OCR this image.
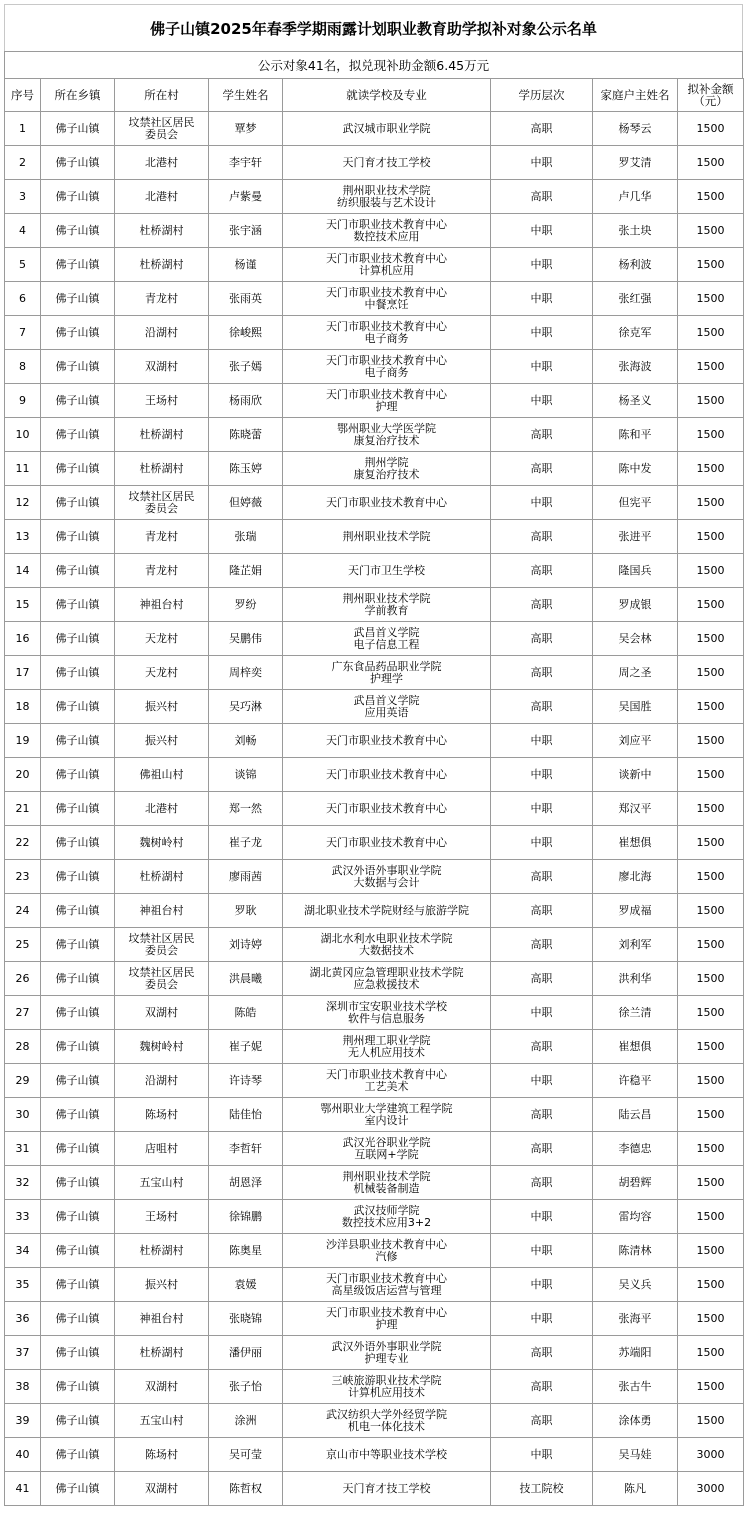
佛子山镇2025年春季学期雨露计划职业教育助学拟补对象公示名单
公示对象41名，拟兑现补助金额6.45万元
序号	所在乡镇	所在村	学生姓名	就读学校及专业	学历层次	家庭户主姓名	拟补金额
（元）
1	佛子山镇	坟禁社区居民
委员会	覃梦	武汉城市职业学院	高职	杨琴云	1500
2	佛子山镇	北港村	李宇轩	天门育才技工学校	中职	罗艾清	1500
3	佛子山镇	北港村	卢紫曼	荆州职业技术学院
纺织服装与艺术设计	高职	卢几华	1500
4	佛子山镇	杜桥湖村	张宇涵	天门市职业技术教育中心
数控技术应用	中职	张土块	1500
5	佛子山镇	杜桥湖村	杨谨	天门市职业技术教育中心
计算机应用	中职	杨利波	1500
6	佛子山镇	青龙村	张雨英	天门市职业技术教育中心
中餐烹饪	中职	张红强	1500
7	佛子山镇	沿湖村	徐峻熙	天门市职业技术教育中心
电子商务	中职	徐克军	1500
8	佛子山镇	双湖村	张子嫣	天门市职业技术教育中心
电子商务	中职	张海波	1500
9	佛子山镇	王场村	杨雨欣	天门市职业技术教育中心
护理	中职	杨圣义	1500
10	佛子山镇	杜桥湖村	陈晓蕾	鄂州职业大学医学院
康复治疗技术	高职	陈和平	1500
11	佛子山镇	杜桥湖村	陈玉婷	荆州学院
康复治疗技术	高职	陈中发	1500
12	佛子山镇	坟禁社区居民
委员会	但婷薇	天门市职业技术教育中心	中职	但宪平	1500
13	佛子山镇	青龙村	张瑞	荆州职业技术学院	高职	张进平	1500
14	佛子山镇	青龙村	隆芷娟	天门市卫生学校	高职	隆国兵	1500
15	佛子山镇	神祖台村	罗纷	荆州职业技术学院
学前教育	高职	罗成银	1500
16	佛子山镇	天龙村	吴鹏伟	武昌首义学院
电子信息工程	高职	吴会林	1500
17	佛子山镇	天龙村	周梓奕	广东食品药品职业学院
护理学	高职	周之圣	1500
18	佛子山镇	振兴村	吴巧淋	武昌首义学院
应用英语	高职	吴国胜	1500
19	佛子山镇	振兴村	刘畅	天门市职业技术教育中心	中职	刘应平	1500
20	佛子山镇	佛祖山村	谈锦	天门市职业技术教育中心	中职	谈新中	1500
21	佛子山镇	北港村	郑一然	天门市职业技术教育中心	中职	郑汉平	1500
22	佛子山镇	魏树岭村	崔子龙	天门市职业技术教育中心	中职	崔想俱	1500
23	佛子山镇	杜桥湖村	廖雨茜	武汉外语外事职业学院
大数据与会计	高职	廖北海	1500
24	佛子山镇	神祖台村	罗耿	湖北职业技术学院财经与旅游学院	高职	罗成福	1500
25	佛子山镇	坟禁社区居民
委员会	刘诗婷	湖北水利水电职业技术学院
大数据技术	高职	刘利军	1500
26	佛子山镇	坟禁社区居民
委员会	洪晨曦	湖北黄冈应急管理职业技术学院
应急救援技术	高职	洪利华	1500
27	佛子山镇	双湖村	陈皓	深圳市宝安职业技术学校
软件与信息服务	中职	徐兰清	1500
28	佛子山镇	魏树岭村	崔子妮	荆州理工职业学院
无人机应用技术	高职	崔想俱	1500
29	佛子山镇	沿湖村	许诗琴	天门市职业技术教育中心
工艺美术	中职	许稳平	1500
30	佛子山镇	陈场村	陆佳怡	鄂州职业大学建筑工程学院
室内设计	高职	陆云昌	1500
31	佛子山镇	店咀村	李哲轩	武汉光谷职业学院
互联网+学院	高职	李德忠	1500
32	佛子山镇	五宝山村	胡恩泽	荆州职业技术学院
机械装备制造	高职	胡碧辉	1500
33	佛子山镇	王场村	徐锦鹏	武汉技师学院
数控技术应用3+2	中职	雷均容	1500
34	佛子山镇	杜桥湖村	陈奥星	沙洋县职业技术教育中心
汽修	中职	陈清林	1500
35	佛子山镇	振兴村	袁媛	天门市职业技术教育中心
高星级饭店运营与管理	中职	吴义兵	1500
36	佛子山镇	神祖台村	张晓锦	天门市职业技术教育中心
护理	中职	张海平	1500
37	佛子山镇	杜桥湖村	潘伊丽	武汉外语外事职业学院
护理专业	高职	苏端阳	1500
38	佛子山镇	双湖村	张子怡	三峡旅游职业技术学院
计算机应用技术	高职	张古牛	1500
39	佛子山镇	五宝山村	涂洲	武汉纺织大学外经贸学院
机电一体化技术	高职	涂体勇	1500
40	佛子山镇	陈场村	吴可莹	京山市中等职业技术学校	中职	吴马娃	3000
41	佛子山镇	双湖村	陈哲权	天门育才技工学校	技工院校	陈凡	3000
